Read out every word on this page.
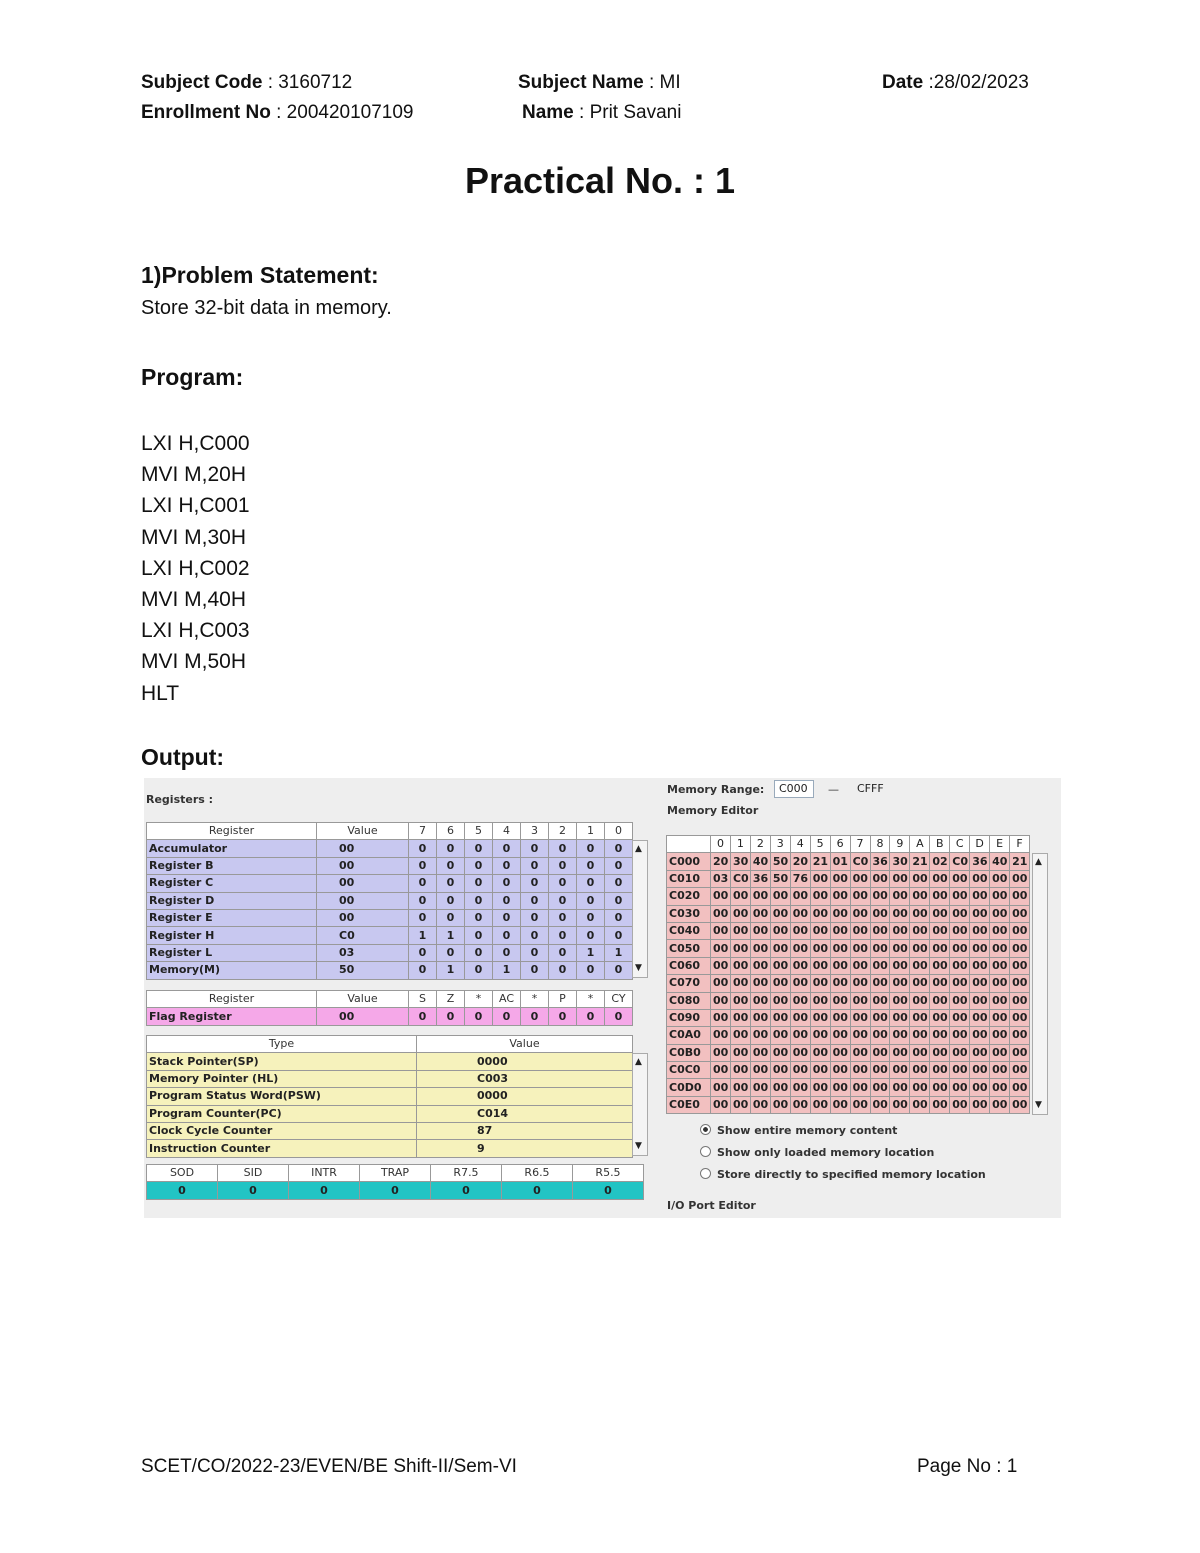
Subject Code : 3160712	Subject Name : MI	Date :28/02/2023
Enrollment No : 200420107109	Name : Prit Savani
Practical No. : 1
1)Problem Statement:
Store 32-bit data in memory.
Program:
LXI H,C000
MVI M,20H
LXI H,C001
MVI M,30H
LXI H,C002
MVI M,40H
LXI H,C003
MVI M,50H
HLT
Output:
Registers :
Register	Value	7	6	5	4	3	2	1	0
Accumulator	00	0	0	0	0	0	0	0	0
Register B	00	0	0	0	0	0	0	0	0
Register C	00	0	0	0	0	0	0	0	0
Register D	00	0	0	0	0	0	0	0	0
Register E	00	0	0	0	0	0	0	0	0
Register H	C0	1	1	0	0	0	0	0	0
Register L	03	0	0	0	0	0	0	1	1
Memory(M)	50	0	1	0	1	0	0	0	0
▲
▼
Register	Value	S	Z	*	AC	*	P	*	CY
Flag Register	00	0	0	0	0	0	0	0	0
Type	Value
Stack Pointer(SP)	0000
Memory Pointer (HL)	C003
Program Status Word(PSW)	0000
Program Counter(PC)	C014
Clock Cycle Counter	87
Instruction Counter	9
▲
▼
SOD	SID	INTR	TRAP	R7.5	R6.5	R5.5
0	0	0	0	0	0	0
Memory Range:	C000	—	CFFF
Memory Editor
	0	1	2	3	4	5	6	7	8	9	A	B	C	D	E	F
C000	20	30	40	50	20	21	01	C0	36	30	21	02	C0	36	40	21
C010	03	C0	36	50	76	00	00	00	00	00	00	00	00	00	00	00
C020	00	00	00	00	00	00	00	00	00	00	00	00	00	00	00	00
C030	00	00	00	00	00	00	00	00	00	00	00	00	00	00	00	00
C040	00	00	00	00	00	00	00	00	00	00	00	00	00	00	00	00
C050	00	00	00	00	00	00	00	00	00	00	00	00	00	00	00	00
C060	00	00	00	00	00	00	00	00	00	00	00	00	00	00	00	00
C070	00	00	00	00	00	00	00	00	00	00	00	00	00	00	00	00
C080	00	00	00	00	00	00	00	00	00	00	00	00	00	00	00	00
C090	00	00	00	00	00	00	00	00	00	00	00	00	00	00	00	00
C0A0	00	00	00	00	00	00	00	00	00	00	00	00	00	00	00	00
C0B0	00	00	00	00	00	00	00	00	00	00	00	00	00	00	00	00
C0C0	00	00	00	00	00	00	00	00	00	00	00	00	00	00	00	00
C0D0	00	00	00	00	00	00	00	00	00	00	00	00	00	00	00	00
C0E0	00	00	00	00	00	00	00	00	00	00	00	00	00	00	00	00
▲
▼
Show entire memory content
Show only loaded memory location
Store directly to specified memory location
I/O Port Editor
SCET/CO/2022-23/EVEN/BE Shift-II/Sem-VI	Page No : 1
